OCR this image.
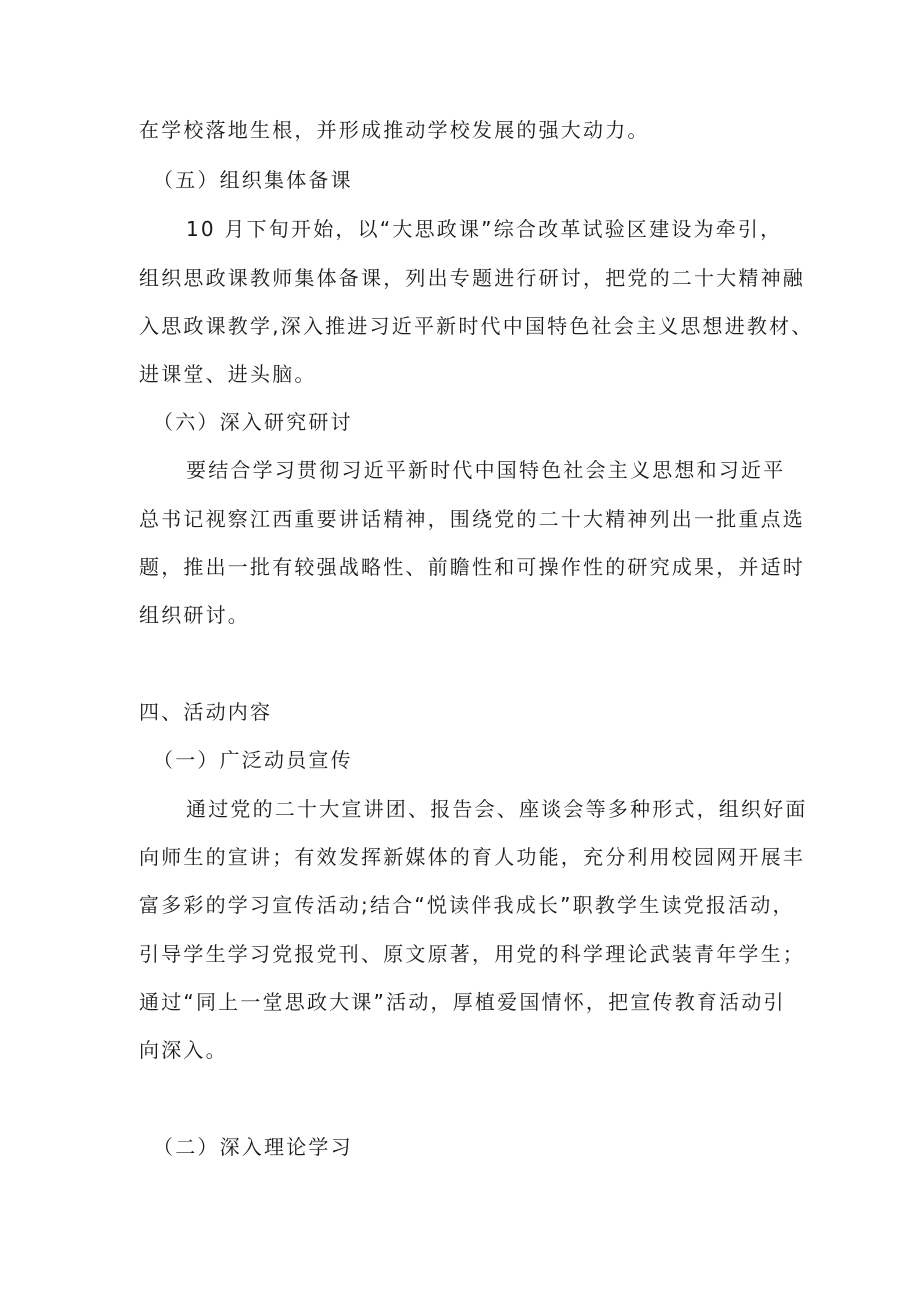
在学校落地生根，并形成推动学校发展的强大动力。
（五）组织集体备课
10 月下旬开始，以“大思政课”综合改革试验区建设为牵引，
组织思政课教师集体备课，列出专题进行研讨，把党的二十大精神融
入思政课教学,深入推进习近平新时代中国特色社会主义思想进教材、
进课堂、进头脑。
（六）深入研究研讨
要结合学习贯彻习近平新时代中国特色社会主义思想和习近平
总书记视察江西重要讲话精神，围绕党的二十大精神列出一批重点选
题，推出一批有较强战略性、前瞻性和可操作性的研究成果，并适时
组织研讨。
四、活动内容
（一）广泛动员宣传
通过党的二十大宣讲团、报告会、座谈会等多种形式，组织好面
向师生的宣讲；有效发挥新媒体的育人功能，充分利用校园网开展丰
富多彩的学习宣传活动;结合“悦读伴我成长”职教学生读党报活动，
引导学生学习党报党刊、原文原著，用党的科学理论武装青年学生；
通过“同上一堂思政大课”活动，厚植爱国情怀，把宣传教育活动引
向深入。
（二）深入理论学习
